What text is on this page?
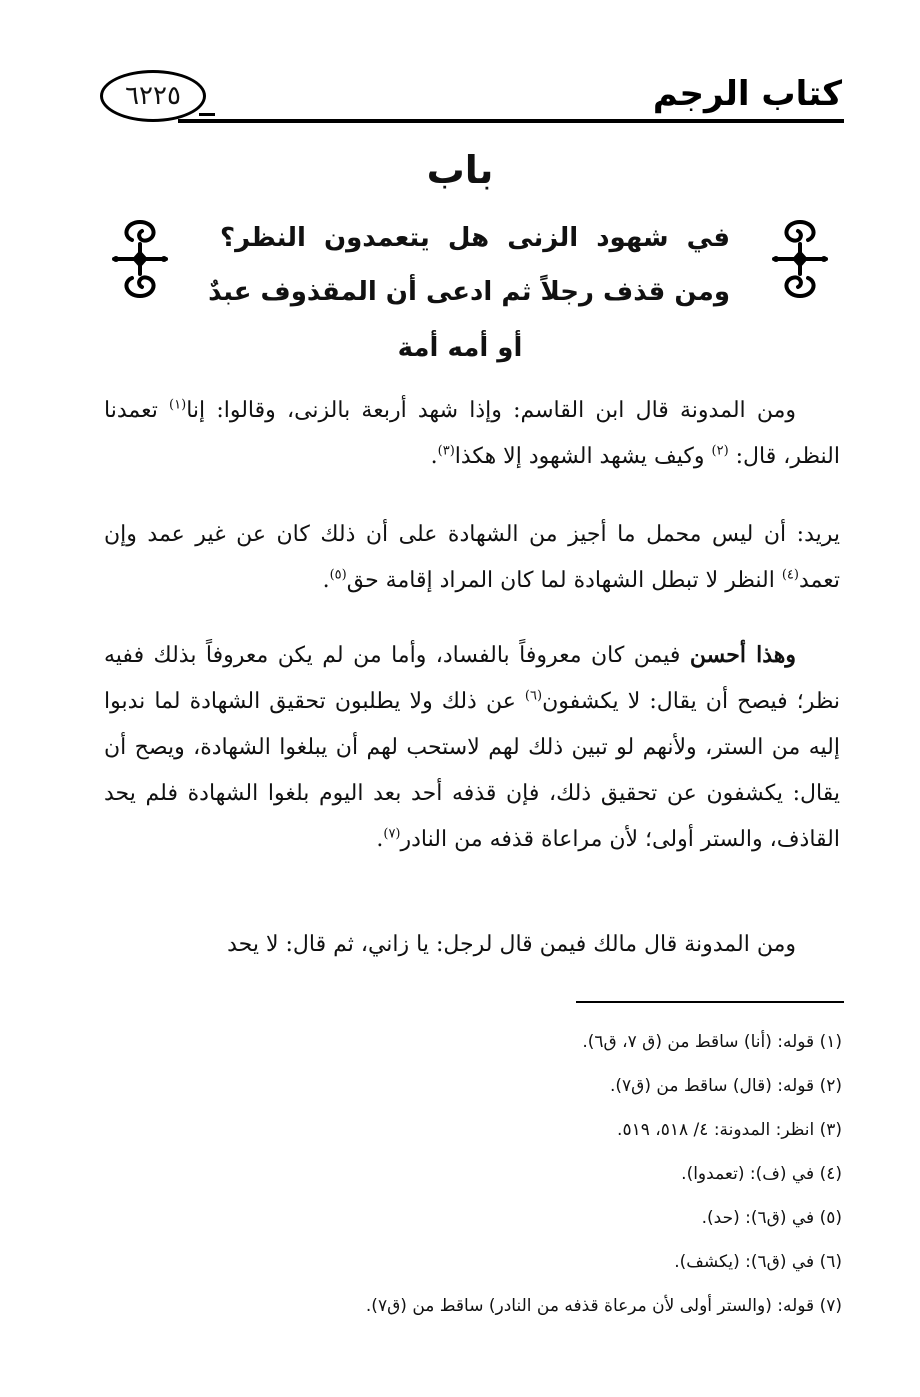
كتاب الرجم
٦٢٢٥
باب
في شهود الزنى هل يتعمدون النظر؟
ومن قذف رجلاً ثم ادعى أن المقذوف عبدٌ
أو أمه أمة
ومن المدونة قال ابن القاسم: وإذا شهد أربعة بالزنى، وقالوا: إنا$^{(١)}$ تعمدنا النظر، قال: $^{(٢)}$ وكيف يشهد الشهود إلا هكذا$^{(٣)}$.
يريد: أن ليس محمل ما أجيز من الشهادة على أن ذلك كان عن غير عمد وإن تعمد$^{(٤)}$ النظر لا تبطل الشهادة لما كان المراد إقامة حق$^{(٥)}$.
وهذا أحسن فيمن كان معروفاً بالفساد، وأما من لم يكن معروفاً بذلك ففيه نظر؛ فيصح أن يقال: لا يكشفون$^{(٦)}$ عن ذلك ولا يطلبون تحقيق الشهادة لما ندبوا إليه من الستر، ولأنهم لو تبين ذلك لهم لاستحب لهم أن يبلغوا الشهادة، ويصح أن يقال: يكشفون عن تحقيق ذلك، فإن قذفه أحد بعد اليوم بلغوا الشهادة فلم يحد القاذف، والستر أولى؛ لأن مراعاة قذفه من النادر$^{(٧)}$.
ومن المدونة قال مالك فيمن قال لرجل: يا زاني، ثم قال: لا يحد
(١) قوله: (أنا) ساقط من (ق ٧، ق٦).
(٢) قوله: (قال) ساقط من (ق٧).
(٣) انظر: المدونة: ٤/ ٥١٨، ٥١٩.
(٤) في (ف): (تعمدوا).
(٥) في (ق٦): (حد).
(٦) في (ق٦): (يكشف).
(٧) قوله: (والستر أولى لأن مرعاة قذفه من النادر) ساقط من (ق٧).
